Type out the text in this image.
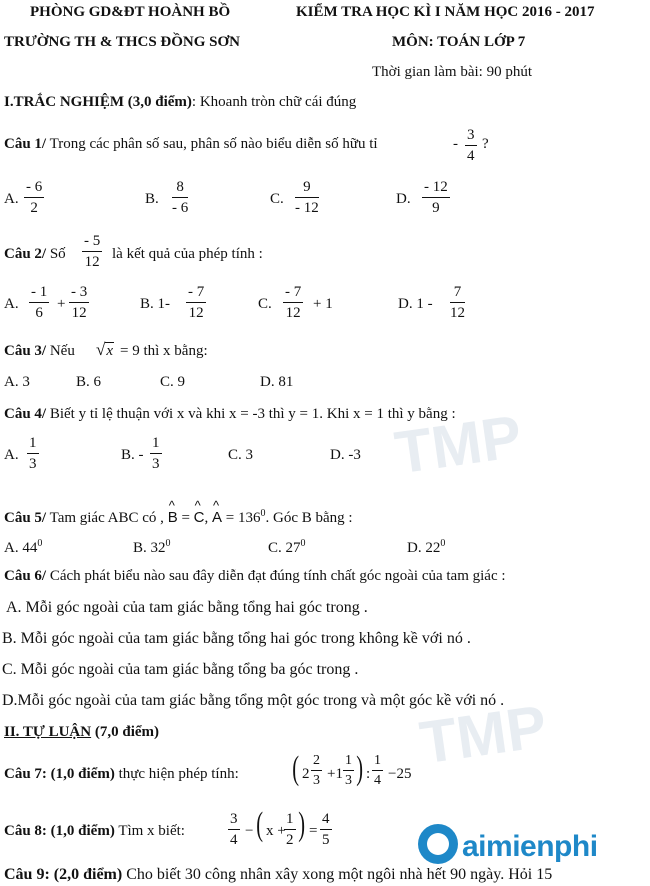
TMP
TMP
PHÒNG GD&ĐT HOÀNH BỒ
TRƯỜNG TH & THCS ĐỒNG SƠN
KIỂM TRA HỌC KÌ I NĂM HỌC 2016 - 2017
MÔN: TOÁN LỚP 7
Thời gian làm bài: 90 phút
I.TRẮC NGHIỆM (3,0 điểm): Khoanh tròn chữ cái đúng
Câu 1/ Trong các phân số sau, phân số nào biểu diễn số hữu tỉ	- $\frac{3}{4}$ ?
A. $\frac{- 6}{2}$	B. $\frac{8}{- 6}$	C. $\frac{9}{- 12}$	D. $\frac{- 12}{9}$
Câu 2/ Số $\frac{- 5}{12}$ là kết quả của phép tính :
A. $\frac{- 1}{6} + \frac{- 3}{12}$	B. $1- \frac{- 7}{12}$	C. $\frac{- 7}{12} + 1$	D. $1 - \frac{7}{12}$
Câu 3/ Nếu √x = 9 thì x bằng:
A. 3	B. 6	C. 9	D. 81
Câu 4/ Biết y tỉ lệ thuận với x và khi x = -3 thì y = 1. Khi x = 1 thì y bằng :
A. $\frac{1}{3}$	B. - $\frac{1}{3}$	C. 3	D. -3
Câu 5/ Tam giác ABC có , ^ B = ^ C, ^ $A = 136^0$. Góc B bằng :
A. $44^0$	B. $32^0$	C. $27^0$	D. $22^0$
Câu 6/ Cách phát biểu nào sau đây diễn đạt đúng tính chất góc ngoài của tam giác :
A. Mỗi góc ngoài của tam giác bằng tổng hai góc trong .
B. Mỗi góc ngoài của tam giác bằng tổng hai góc trong không kề với nó .
C. Mỗi góc ngoài của tam giác bằng tổng ba góc trong .
D.Mỗi góc ngoài của tam giác bằng tổng một góc trong và một góc kề với nó .
II. TỰ LUẬN (7,0 điểm)
Câu 7: (1,0 điểm) thực hiện phép tính: ( $2 \frac{2}{3} +1 \frac{1}{3}$ ) : $\frac{1}{4} -25$
Câu 8: (1,0 điểm) Tìm x biết:	$\frac{3}{4}$ − ( x +
$\frac{1}{2}$ ) = $\frac{4}{5}$
Câu 9: (2,0 điểm) Cho biết 30 công nhân xây xong một ngôi nhà hết 90 ngày. Hỏi 15
aimienphi
